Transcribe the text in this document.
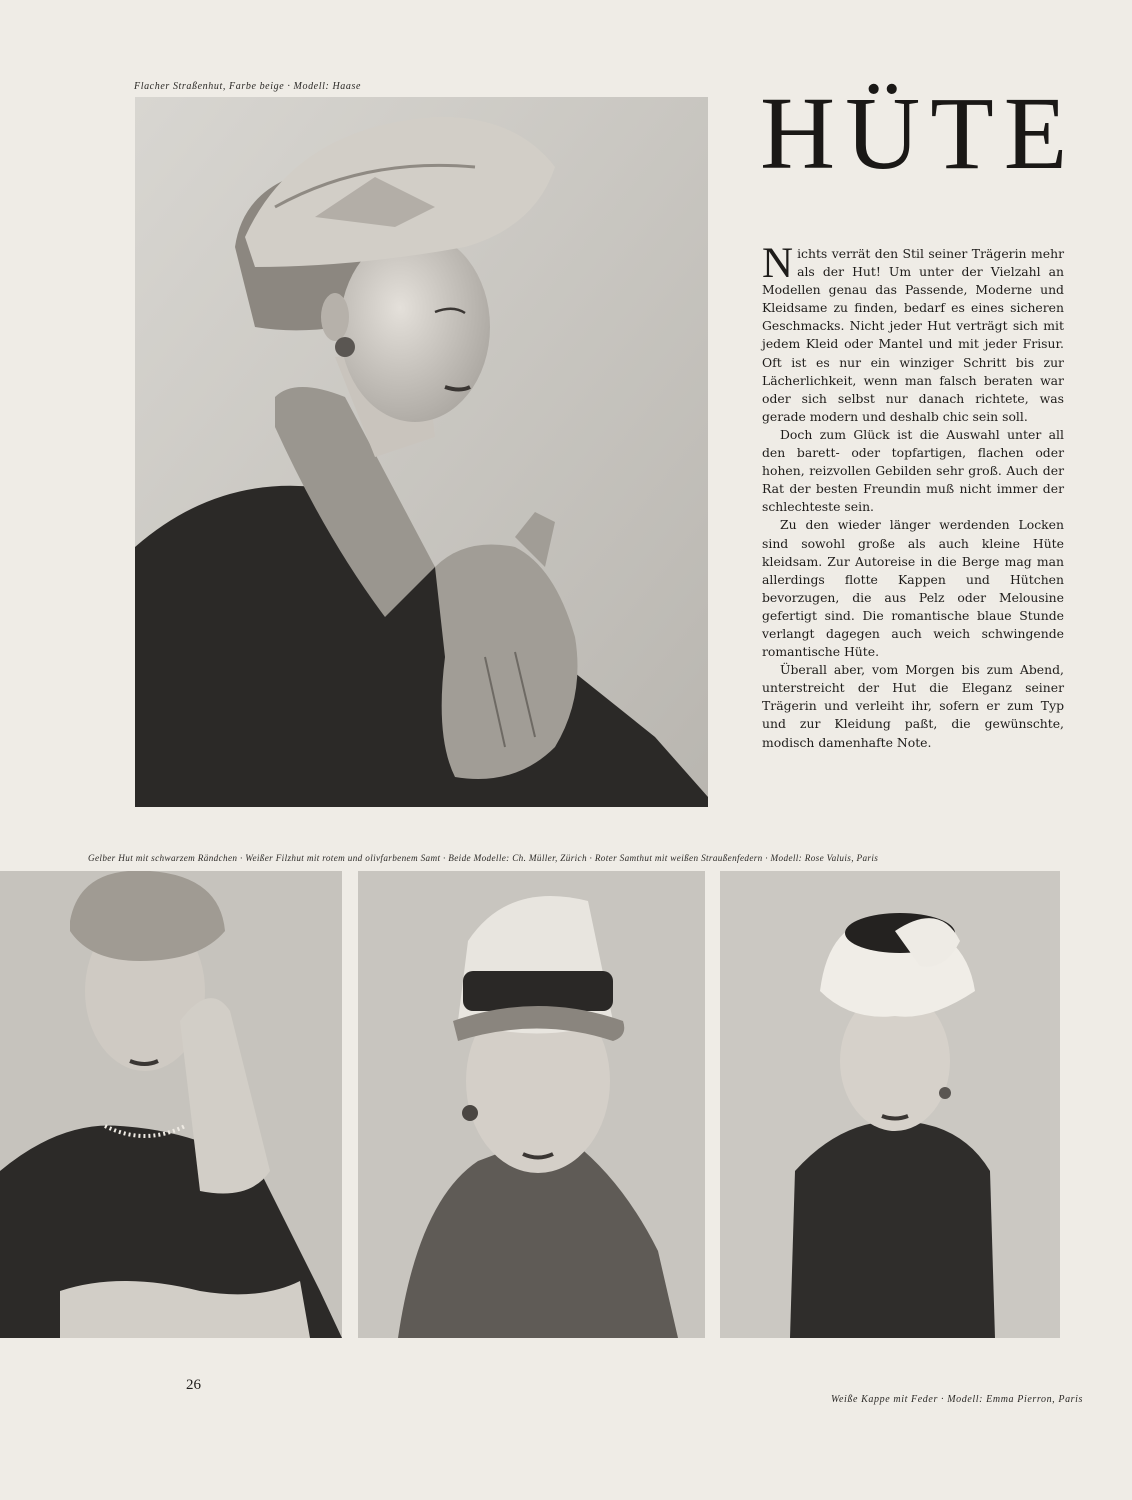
Flacher Straßenhut, Farbe beige · Modell: Haase	HÜTE

Nichts verrät den Stil seiner Trägerin mehr als der Hut! Um unter der Vielzahl an Modellen genau das Passende, Moderne und Kleidsame zu finden, bedarf es eines sicheren Geschmacks. Nicht jeder Hut verträgt sich mit jedem Kleid oder Mantel und mit jeder Frisur. Oft ist es nur ein winziger Schritt bis zur Lächerlichkeit, wenn man falsch beraten war oder sich selbst nur danach richtete, was gerade modern und deshalb chic sein soll.

Doch zum Glück ist die Auswahl unter all den barett- oder topfartigen, flachen oder hohen, reizvollen Gebilden sehr groß. Auch der Rat der besten Freundin muß nicht immer der schlechteste sein.

Zu den wieder länger werdenden Locken sind sowohl große als auch kleine Hüte kleidsam. Zur Autoreise in die Berge mag man allerdings flotte Kappen und Hütchen bevorzugen, die aus Pelz oder Melousine gefertigt sind. Die romantische blaue Stunde verlangt dagegen auch weich schwingende romantische Hüte.

Überall aber, vom Morgen bis zum Abend, unterstreicht der Hut die Eleganz seiner Trägerin und verleiht ihr, sofern er zum Typ und zur Kleidung paßt, die gewünschte, modisch damenhafte Note.

Gelber Hut mit schwarzem Rändchen · Weißer Filzhut mit rotem und olivfarbenem Samt · Beide Modelle: Ch. Müller, Zürich · Roter Samthut mit weißen Straußenfedern · Modell: Rose Valuis, Paris
26
Weiße Kappe mit Feder · Modell: Emma Pierron, Paris
